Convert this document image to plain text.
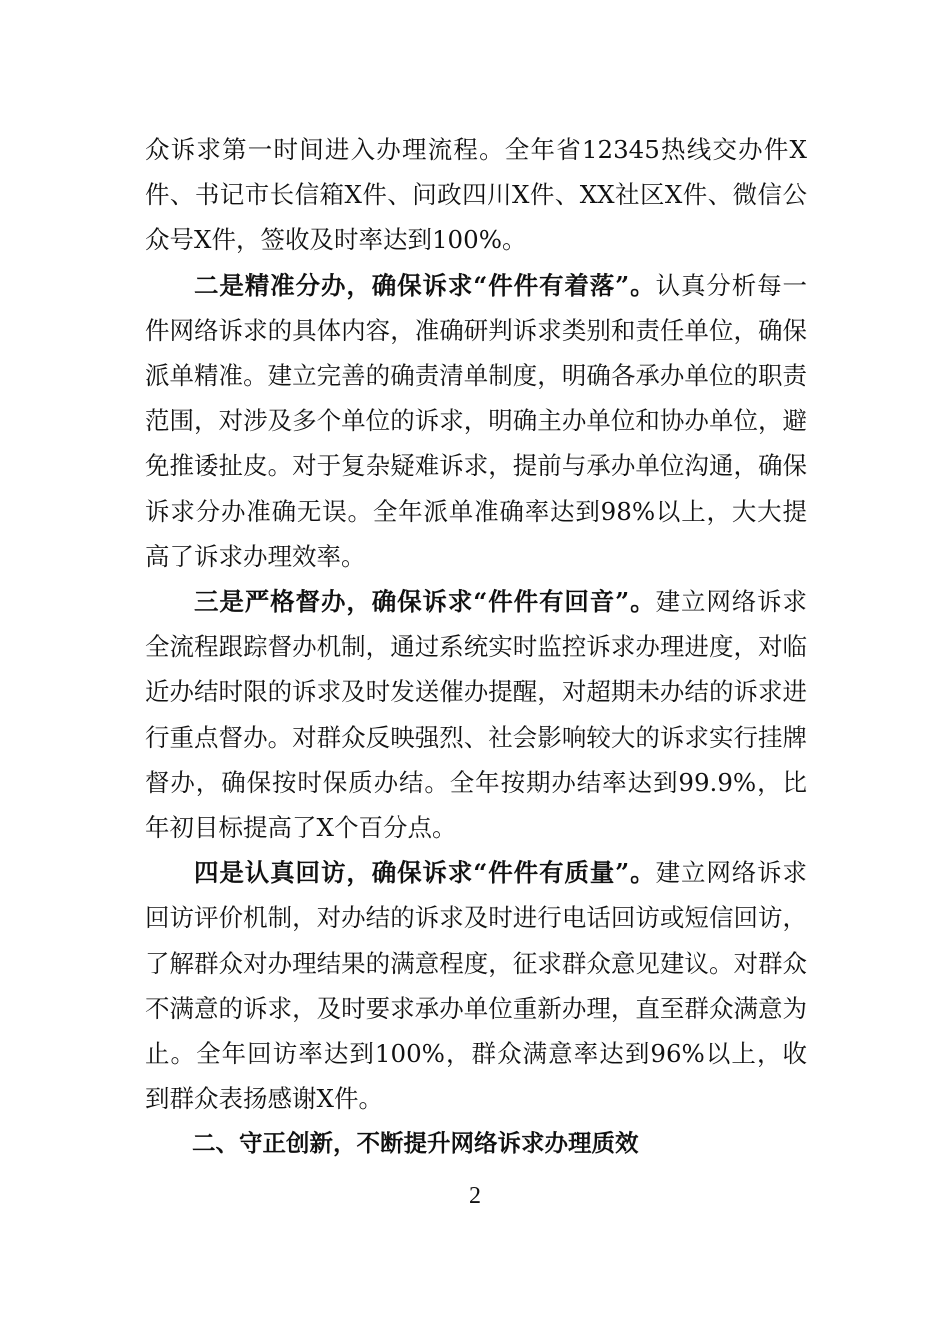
众诉求第一时间进入办理流程。全年省12345热线交办件X件、书记市长信箱X件、问政四川X件、XX社区X件、微信公众号X件，签收及时率达到100%。

二是精准分办，确保诉求“件件有着落”。认真分析每一件网络诉求的具体内容，准确研判诉求类别和责任单位，确保派单精准。建立完善的确责清单制度，明确各承办单位的职责范围，对涉及多个单位的诉求，明确主办单位和协办单位，避免推诿扯皮。对于复杂疑难诉求，提前与承办单位沟通，确保诉求分办准确无误。全年派单准确率达到98%以上，大大提高了诉求办理效率。

三是严格督办，确保诉求“件件有回音”。建立网络诉求全流程跟踪督办机制，通过系统实时监控诉求办理进度，对临近办结时限的诉求及时发送催办提醒，对超期未办结的诉求进行重点督办。对群众反映强烈、社会影响较大的诉求实行挂牌督办，确保按时保质办结。全年按期办结率达到99.9%，比年初目标提高了X个百分点。

四是认真回访，确保诉求“件件有质量”。建立网络诉求回访评价机制，对办结的诉求及时进行电话回访或短信回访，了解群众对办理结果的满意程度，征求群众意见建议。对群众不满意的诉求，及时要求承办单位重新办理，直至群众满意为止。全年回访率达到100%，群众满意率达到96%以上，收到群众表扬感谢X件。

二、守正创新，不断提升网络诉求办理质效

2
